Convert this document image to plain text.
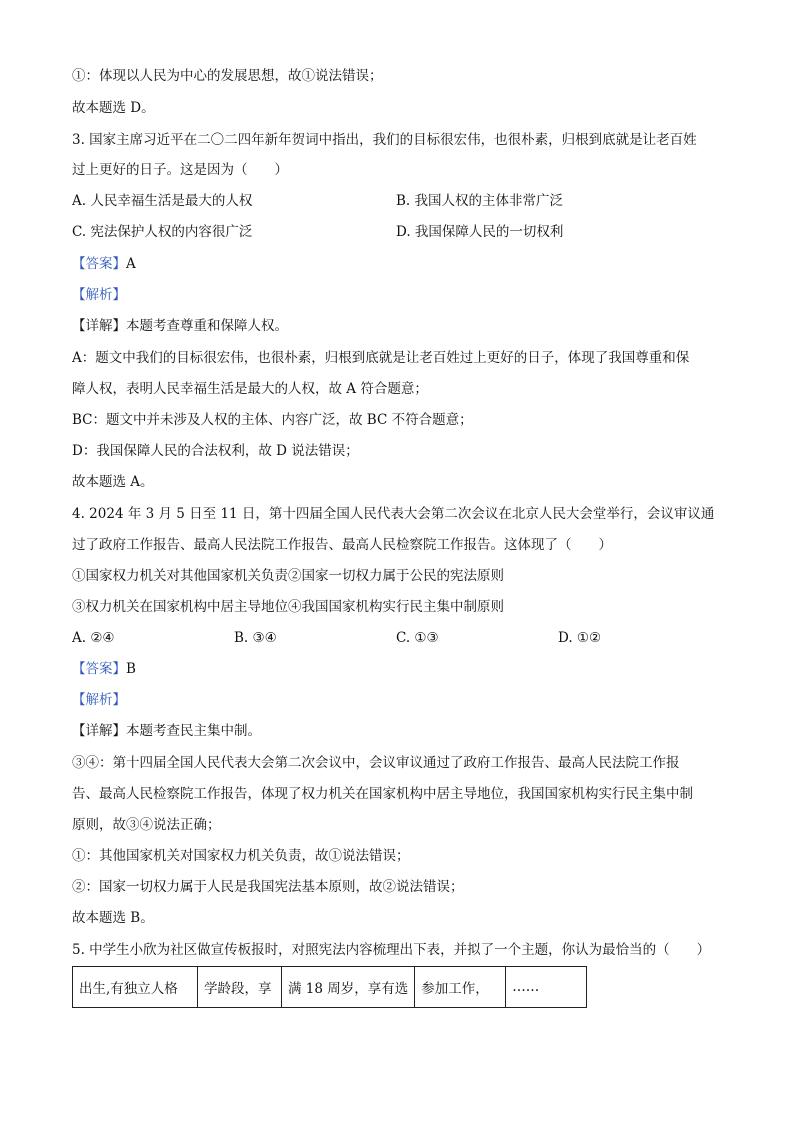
①：体现以人民为中心的发展思想，故①说法错误；
故本题选 D。
3. 国家主席习近平在二〇二四年新年贺词中指出，我们的目标很宏伟，也很朴素，归根到底就是让老百姓
过上更好的日子。这是因为（　　）
A. 人民幸福生活是最大的人权	B. 我国人权的主体非常广泛
C. 宪法保护人权的内容很广泛	D. 我国保障人民的一切权利
【答案】A
【解析】
【详解】本题考查尊重和保障人权。
A：题文中我们的目标很宏伟，也很朴素，归根到底就是让老百姓过上更好的日子，体现了我国尊重和保
障人权，表明人民幸福生活是最大的人权，故 A 符合题意；
BC：题文中并未涉及人权的主体、内容广泛，故 BC 不符合题意；
D：我国保障人民的合法权利，故 D 说法错误；
故本题选 A。
4. 2024 年 3 月 5 日至 11 日，第十四届全国人民代表大会第二次会议在北京人民大会堂举行，会议审议通
过了政府工作报告、最高人民法院工作报告、最高人民检察院工作报告。这体现了（　　）
①国家权力机关对其他国家机关负责②国家一切权力属于公民的宪法原则
③权力机关在国家机构中居主导地位④我国国家机构实行民主集中制原则
A. ②④	B. ③④	C. ①③	D. ①②
【答案】B
【解析】
【详解】本题考查民主集中制。
③④：第十四届全国人民代表大会第二次会议中，会议审议通过了政府工作报告、最高人民法院工作报
告、最高人民检察院工作报告，体现了权力机关在国家机构中居主导地位，我国国家机构实行民主集中制
原则，故③④说法正确；
①：其他国家机关对国家权力机关负责，故①说法错误；
②：国家一切权力属于人民是我国宪法基本原则，故②说法错误；
故本题选 B。
5. 中学生小欣为社区做宣传板报时，对照宪法内容梳理出下表，并拟了一个主题，你认为最恰当的（　　）
出生,有独立人格	学龄段，享	满 18 周岁，享有选	参加工作，	……
